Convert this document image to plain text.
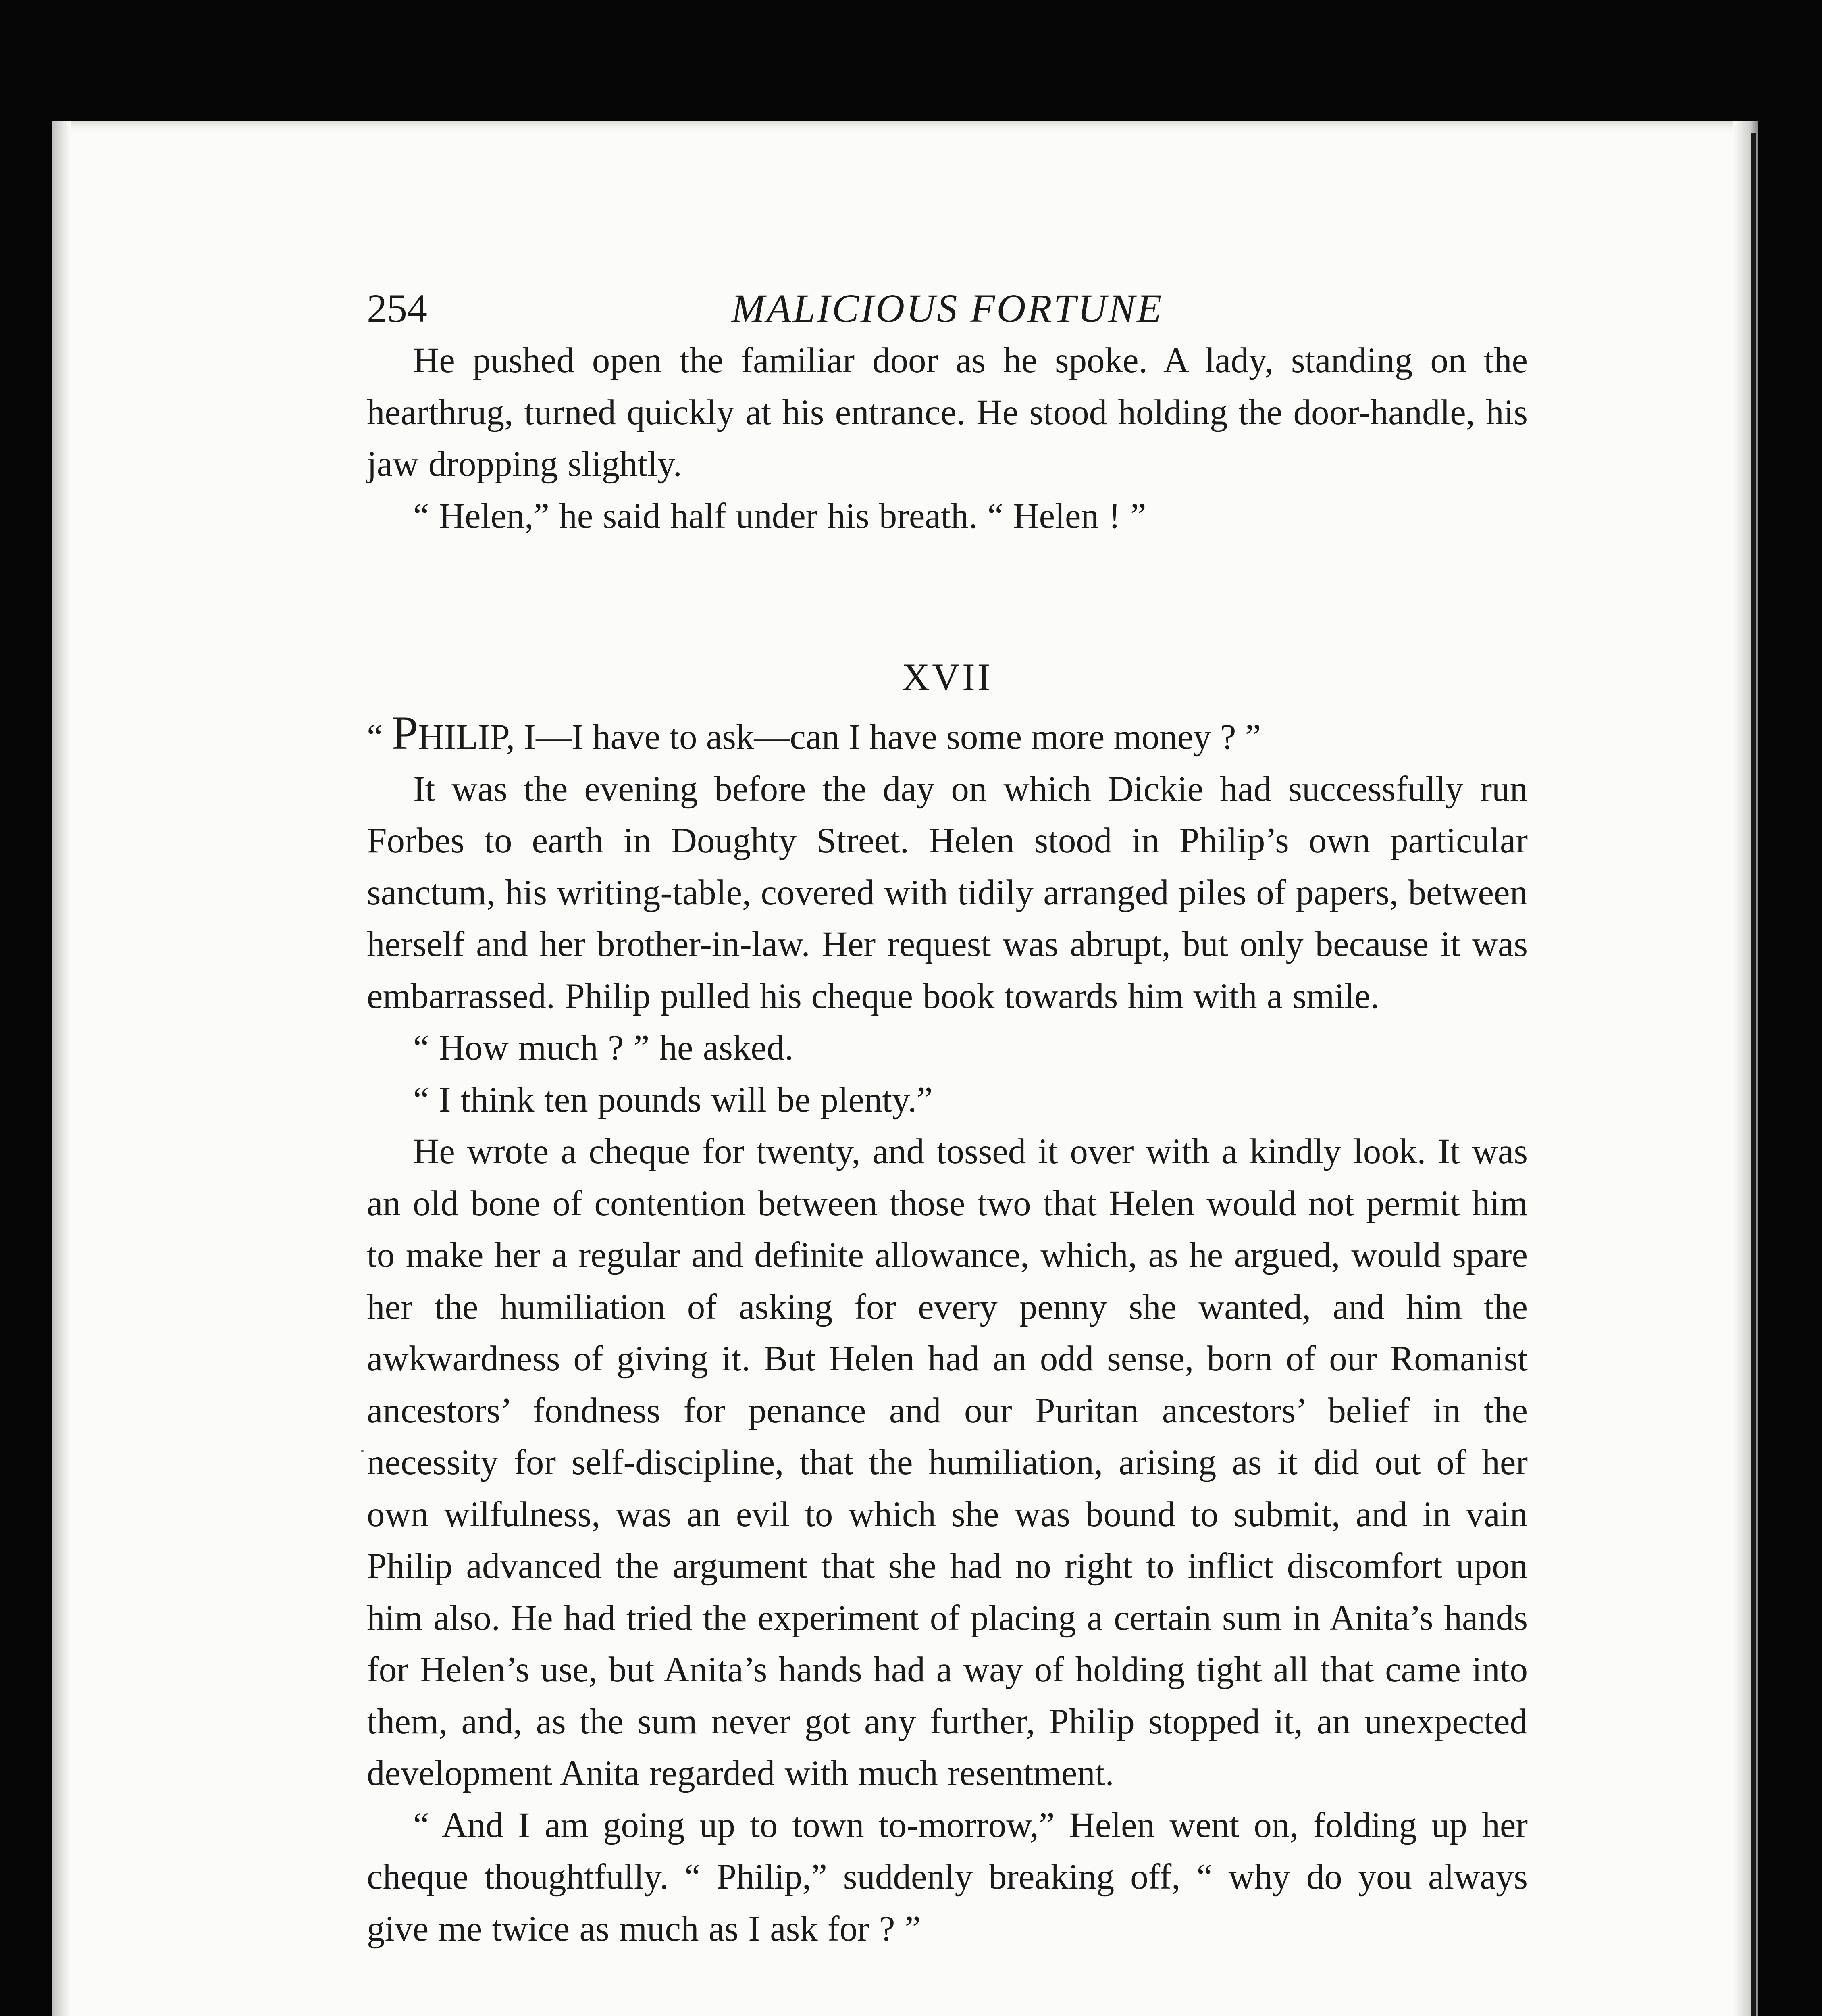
254	MALICIOUS FORTUNE

He pushed open the familiar door as he spoke. A lady, standing on the hearthrug, turned quickly at his entrance. He stood holding the door-handle, his jaw dropping slightly.

“ Helen,” he said half under his breath. “ Helen ! ”

XVII

“ PHILIP, I—I have to ask—can I have some more money ? ”

It was the evening before the day on which Dickie had successfully run Forbes to earth in Doughty Street. Helen stood in Philip’s own particular sanctum, his writing-table, covered with tidily arranged piles of papers, between herself and her brother-in-law. Her request was abrupt, but only because it was embarrassed. Philip pulled his cheque book towards him with a smile.

“ How much ? ” he asked.

“ I think ten pounds will be plenty.”

He wrote a cheque for twenty, and tossed it over with a kindly look. It was an old bone of contention between those two that Helen would not permit him to make her a regular and definite allowance, which, as he argued, would spare her the humiliation of asking for every penny she wanted, and him the awkwardness of giving it. But Helen had an odd sense, born of our Romanist ancestors’ fondness for penance and our Puritan ancestors’ belief in the necessity for self-discipline, that the humiliation, arising as it did out of her own wilfulness, was an evil to which she was bound to submit, and in vain Philip advanced the argument that she had no right to inflict discomfort upon him also. He had tried the experiment of placing a certain sum in Anita’s hands for Helen’s use, but Anita’s hands had a way of holding tight all that came into them, and, as the sum never got any further, Philip stopped it, an unexpected development Anita regarded with much resentment.

“ And I am going up to town to-morrow,” Helen went on, folding up her cheque thoughtfully. “ Philip,” suddenly breaking off, “ why do you always give me twice as much as I ask for ? ”
